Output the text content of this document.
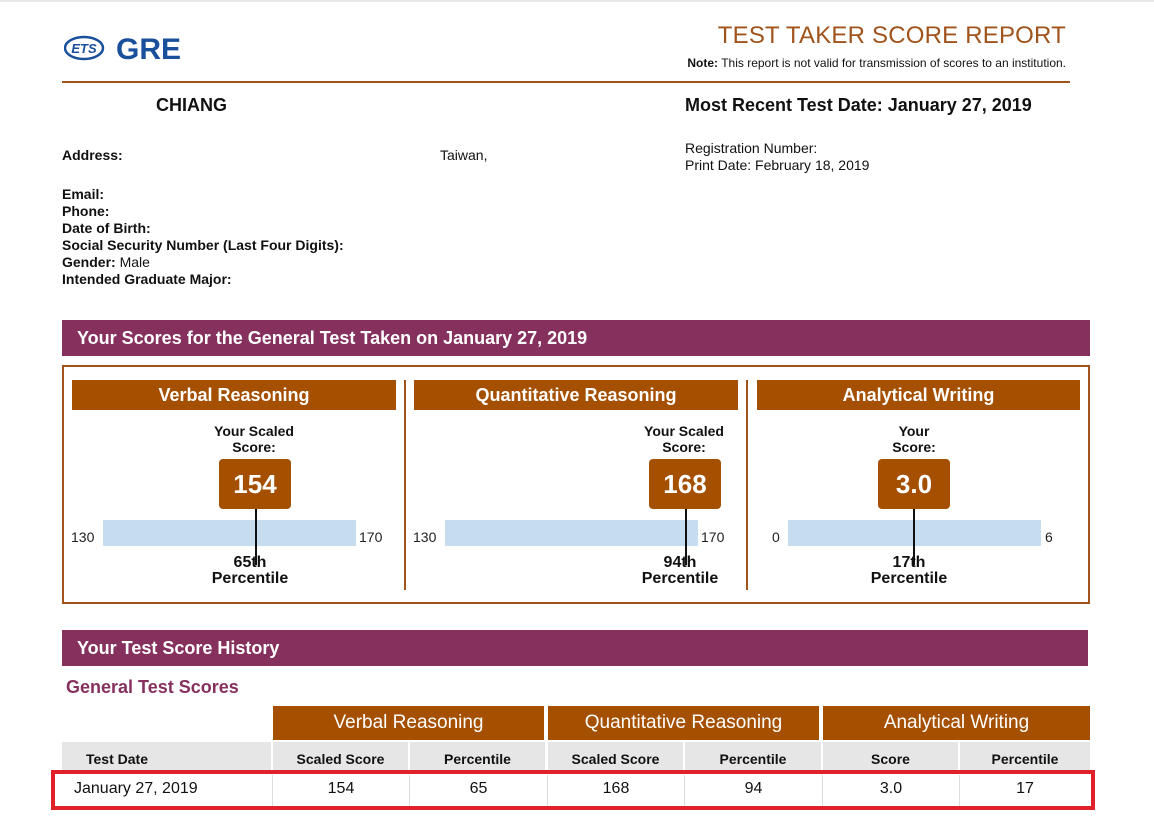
ETS GRE	TEST TAKER SCORE REPORT
Note: This report is not valid for transmission of scores to an institution.
CHIANG	Most Recent Test Date: January 27, 2019
Address:	Taiwan,	Registration Number:
Print Date: February 18, 2019
Email:
Phone:
Date of Birth:
Social Security Number (Last Four Digits):
Gender: Male
Intended Graduate Major:
Your Scores for the General Test Taken on January 27, 2019
Verbal Reasoning
Your Scaled
Score:
130	170
154
65th
Percentile
Quantitative Reasoning
Your Scaled
Score:
130	170
168
94th
Percentile
Analytical Writing
Your
Score:
0	6
3.0
17th
Percentile
Your Test Score History
General Test Scores
Verbal Reasoning	Quantitative Reasoning	Analytical Writing
Test Date	Scaled Score	Percentile	Scaled Score	Percentile	Score	Percentile
January 27, 2019	154	65	168	94	3.0	17
